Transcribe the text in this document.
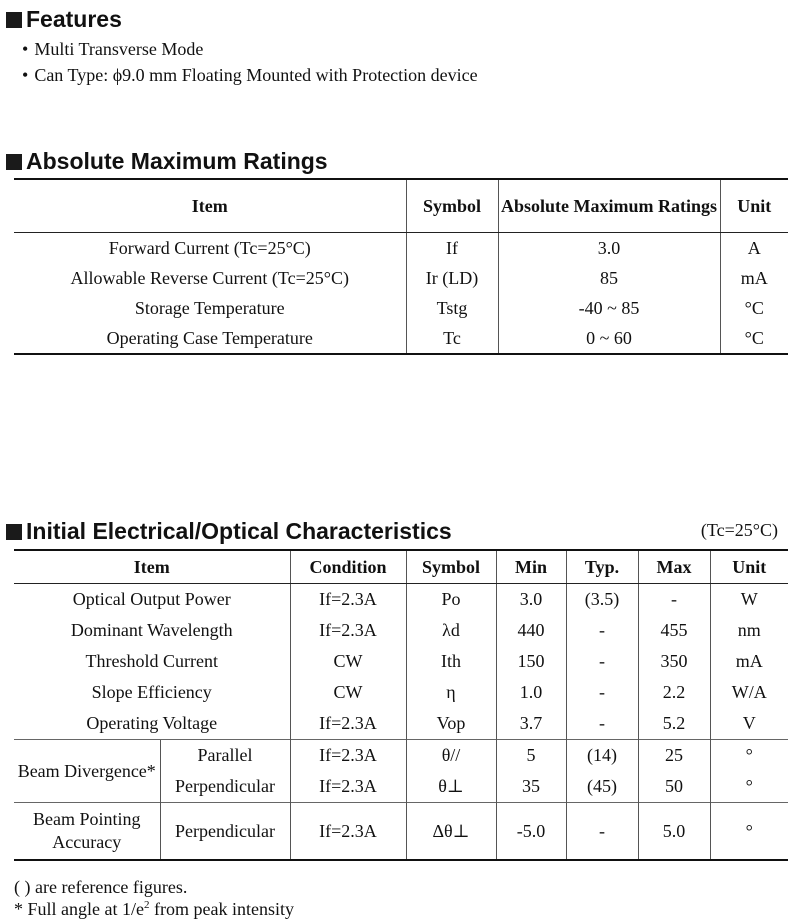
Features
• Multi Transverse Mode
• Can Type: ϕ9.0 mm Floating Mounted with Protection device
Absolute Maximum Ratings
Item	Symbol	Absolute Maximum Ratings	Unit
Forward Current (Tc=25°C)	If	3.0	A
Allowable Reverse Current (Tc=25°C)	Ir (LD)	85	mA
Storage Temperature	Tstg	-40 ~ 85	°C
Operating Case Temperature	Tc	0 ~ 60	°C
Initial Electrical/Optical Characteristics	(Tc=25°C)
Item		Condition	Symbol	Min	Typ.	Max	Unit
Optical Output Power		If=2.3A	Po	3.0	(3.5)	-	W
Dominant Wavelength		If=2.3A	λd	440	-	455	nm
Threshold Current		CW	Ith	150	-	350	mA
Slope Efficiency		CW	η	1.0	-	2.2	W/A
Operating Voltage		If=2.3A	Vop	3.7	-	5.2	V
Beam Divergence*	Parallel	If=2.3A	θ//	5	(14)	25	°
	Perpendicular	If=2.3A	θ⊥	35	(45)	50	°
Beam Pointing Accuracy	Perpendicular	If=2.3A	Δθ⊥	-5.0	-	5.0	°
( ) are reference figures.
* Full angle at $1/e^2$ from peak intensity
